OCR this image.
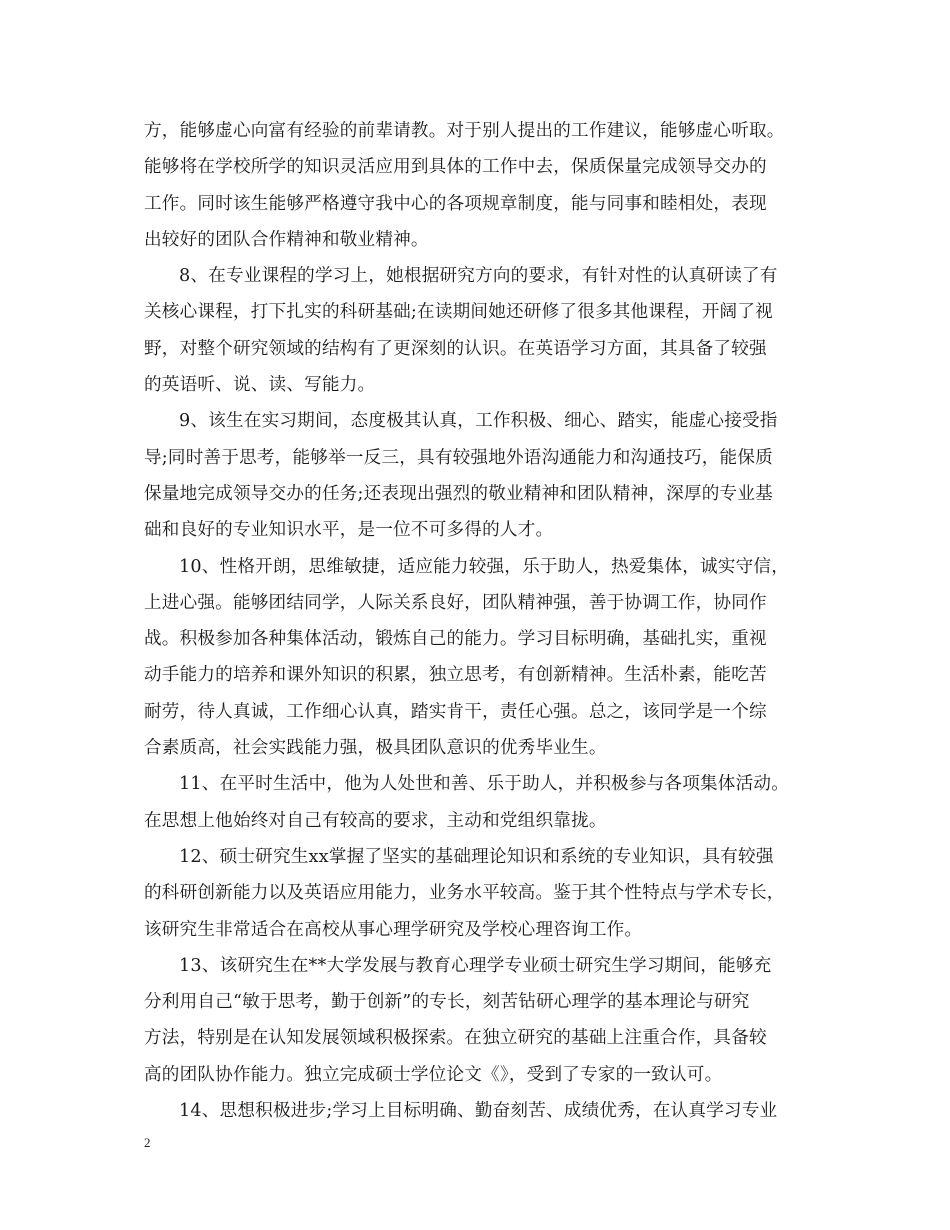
方，能够虚心向富有经验的前辈请教。对于别人提出的工作建议，能够虚心听取。
能够将在学校所学的知识灵活应用到具体的工作中去，保质保量完成领导交办的
工作。同时该生能够严格遵守我中心的各项规章制度，能与同事和睦相处，表现
出较好的团队合作精神和敬业精神。
8、在专业课程的学习上，她根据研究方向的要求，有针对性的认真研读了有
关核心课程，打下扎实的科研基础;在读期间她还研修了很多其他课程，开阔了视
野，对整个研究领域的结构有了更深刻的认识。在英语学习方面，其具备了较强
的英语听、说、读、写能力。
9、该生在实习期间，态度极其认真，工作积极、细心、踏实，能虚心接受指
导;同时善于思考，能够举一反三，具有较强地外语沟通能力和沟通技巧，能保质
保量地完成领导交办的任务;还表现出强烈的敬业精神和团队精神，深厚的专业基
础和良好的专业知识水平，是一位不可多得的人才。
10、性格开朗，思维敏捷，适应能力较强，乐于助人，热爱集体，诚实守信，
上进心强。能够团结同学，人际关系良好，团队精神强，善于协调工作，协同作
战。积极参加各种集体活动，锻炼自己的能力。学习目标明确，基础扎实，重视
动手能力的培养和课外知识的积累，独立思考，有创新精神。生活朴素，能吃苦
耐劳，待人真诚，工作细心认真，踏实肯干，责任心强。总之，该同学是一个综
合素质高，社会实践能力强，极具团队意识的优秀毕业生。
11、在平时生活中，他为人处世和善、乐于助人，并积极参与各项集体活动。
在思想上他始终对自己有较高的要求，主动和党组织靠拢。
12、硕士研究生xx掌握了坚实的基础理论知识和系统的专业知识，具有较强
的科研创新能力以及英语应用能力，业务水平较高。鉴于其个性特点与学术专长，
该研究生非常适合在高校从事心理学研究及学校心理咨询工作。
13、该研究生在**大学发展与教育心理学专业硕士研究生学习期间，能够充
分利用自己“敏于思考，勤于创新”的专长，刻苦钻研心理学的基本理论与研究
方法，特别是在认知发展领域积极探索。在独立研究的基础上注重合作，具备较
高的团队协作能力。独立完成硕士学位论文《》，受到了专家的一致认可。
14、思想积极进步;学习上目标明确、勤奋刻苦、成绩优秀，在认真学习专业
2
